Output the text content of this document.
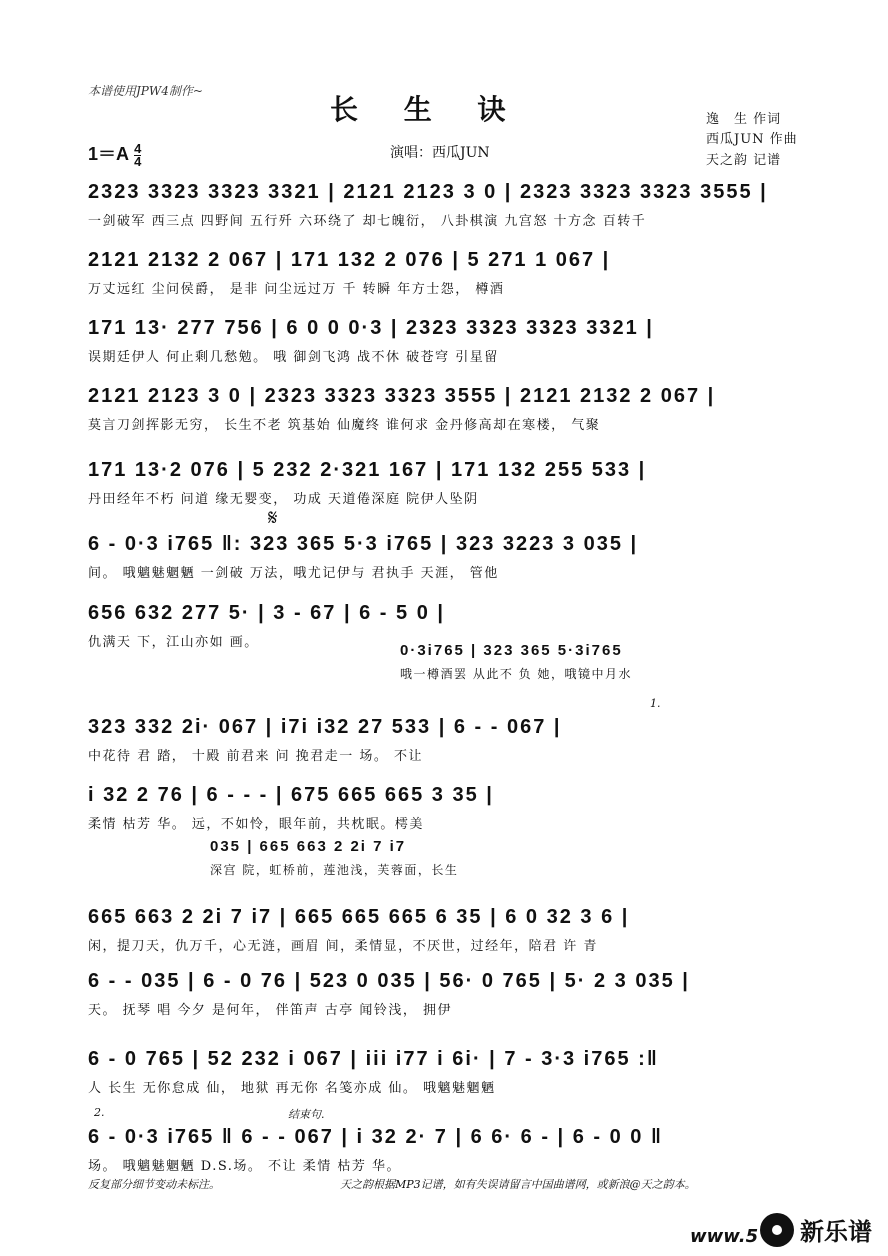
本谱使用JPW4制作~
长 生 诀	逸　生 作词
西瓜JUN 作曲
天之韵 记谱
$1=A \frac{4}{4}$	演唱：西瓜JUN
2323 3323 3323 3321 | 2121 2123 3 0 | 2323 3323 3323 3555 |
一剑破军 西三点 四野间 五行歼 六环绕了 却七魄衍， 八卦棋演 九宫怒 十方念 百转千
2121 2132 2 067 | 171 132 2 076 | 5 271 1 067 |
万丈远红 尘问侯爵， 是非 问尘远过万 千 转瞬 年方士怨， 樽酒
171 13· 277 756 | 6 0 0 0·3 | 2323 3323 3323 3321 |
误期廷伊人 何止剩几愁勉。 哦 御剑飞鸿 战不休 破苍穹 引星留
2121 2123 3 0 | 2323 3323 3323 3555 | 2121 2132 2 067 |
莫言刀剑挥影无穷， 长生不老 筑基始 仙魔终 谁何求 金丹修高却在寒楼， 气聚
171 13·2 076 | 5 232 2·321 167 | 171 132 255 533 |
丹田经年不朽 问道 缘无婴变， 功成 天道倦深庭 院伊人坠阴
6 - 0·3 i765 ‖: 323 365 5·3 i765 | 323 3223 3 035 |
间。 哦魑魅魍魉 一剑破 万法，哦尤记伊与 君执手 天涯， 管他
656 632 277 5· | 3 - 67 | 6 - 5 0 |
仇满天 下，江山亦如 画。	0·3i765 | 323 365 5·3i765
哦一樽酒罢 从此不 负 她，哦镜中月水
323 332 2i· 067 | i7i i32 27 533 | 6 - - 067 |
中花待 君 踏， 十殿 前君来 问 挽君走一 场。 不让
i 32 2 76 | 6 - - - | 675 665 665 3 35 |
柔情 枯芳 华。 远，不如怜，眼年前，共枕眠。樗美
035 | 665 663 2 2i 7 i7
深宫 院，虹桥前，莲池浅，芙蓉面，长生
665 663 2 2i 7 i7 | 665 665 665 6 35 | 6 0 32 3 6 |
闲，提刀天，仇万千，心无涟，画眉 间，柔情显，不厌世，过经年，陪君 许 青
6 - - 035 | 6 - 0 76 | 523 0 035 | 56· 0 765 | 5· 2 3 035 |
天。 抚琴 唱 今夕 是何年， 伴笛声 古亭 闻铃浅， 拥伊
6 - 0 765 | 52 232 i 067 | iii i77 i 6i· | 7 - 3·3 i765 :‖
人 长生 无你怠成 仙， 地狱 再无你 名笺亦成 仙。 哦魑魅魍魉
6 - 0·3 i765 ‖ 6 - - 067 | i 32 2· 7 | 6 6· 6 - | 6 - 0 0 ‖
场。 哦魑魅魍魉 D.S.场。 不让 柔情 枯芳 华。
𝄋
1.
2.	结束句.
反复部分细节变动未标注。	天之韵根据MP3记谱，如有失误请留言中国曲谱网，或新浪@天之韵本。
www.5 新乐谱
